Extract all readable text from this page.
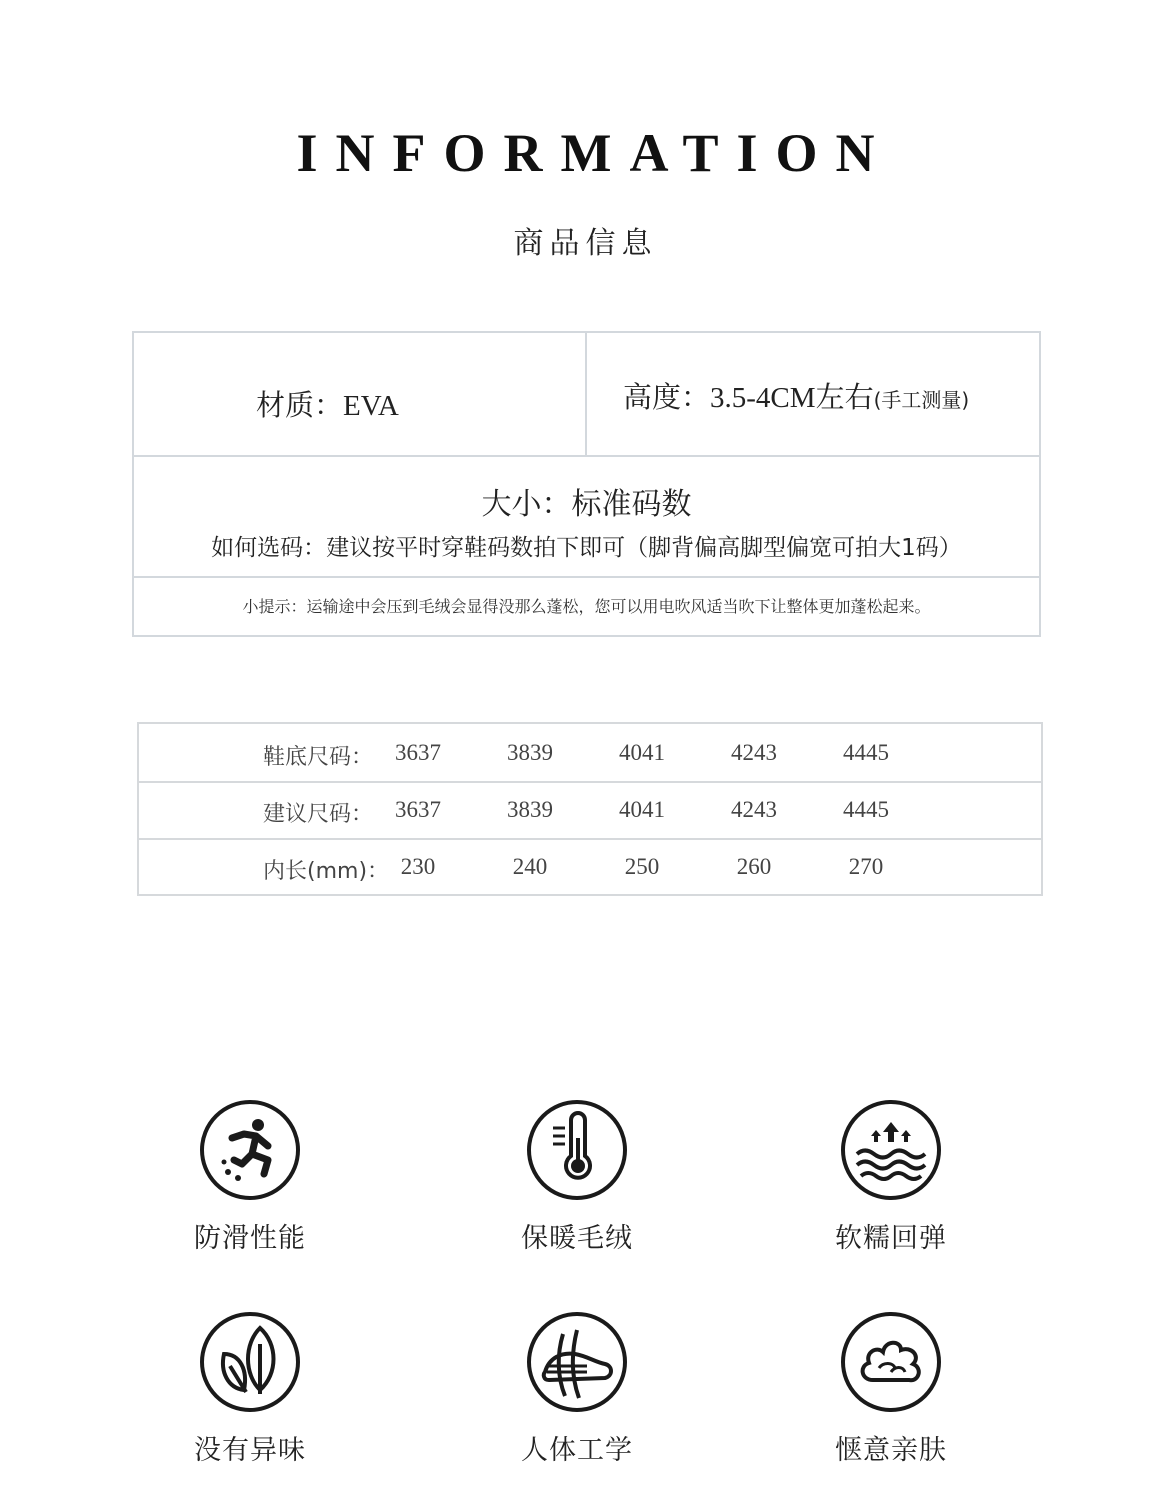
INFORMATION
商品信息
材质：EVA	高度：3.5-4CM左右(手工测量)
大小：标准码数
如何选码：建议按平时穿鞋码数拍下即可（脚背偏高脚型偏宽可拍大1码）
小提示：运输途中会压到毛绒会显得没那么蓬松，您可以用电吹风适当吹下让整体更加蓬松起来。
鞋底尺码： 3637	3839	4041	4243	4445
建议尺码： 3637	3839	4041	4243	4445
内长(mm)： 230	240	250	260	270
防滑性能	保暖毛绒	软糯回弹
没有异味	人体工学	惬意亲肤
